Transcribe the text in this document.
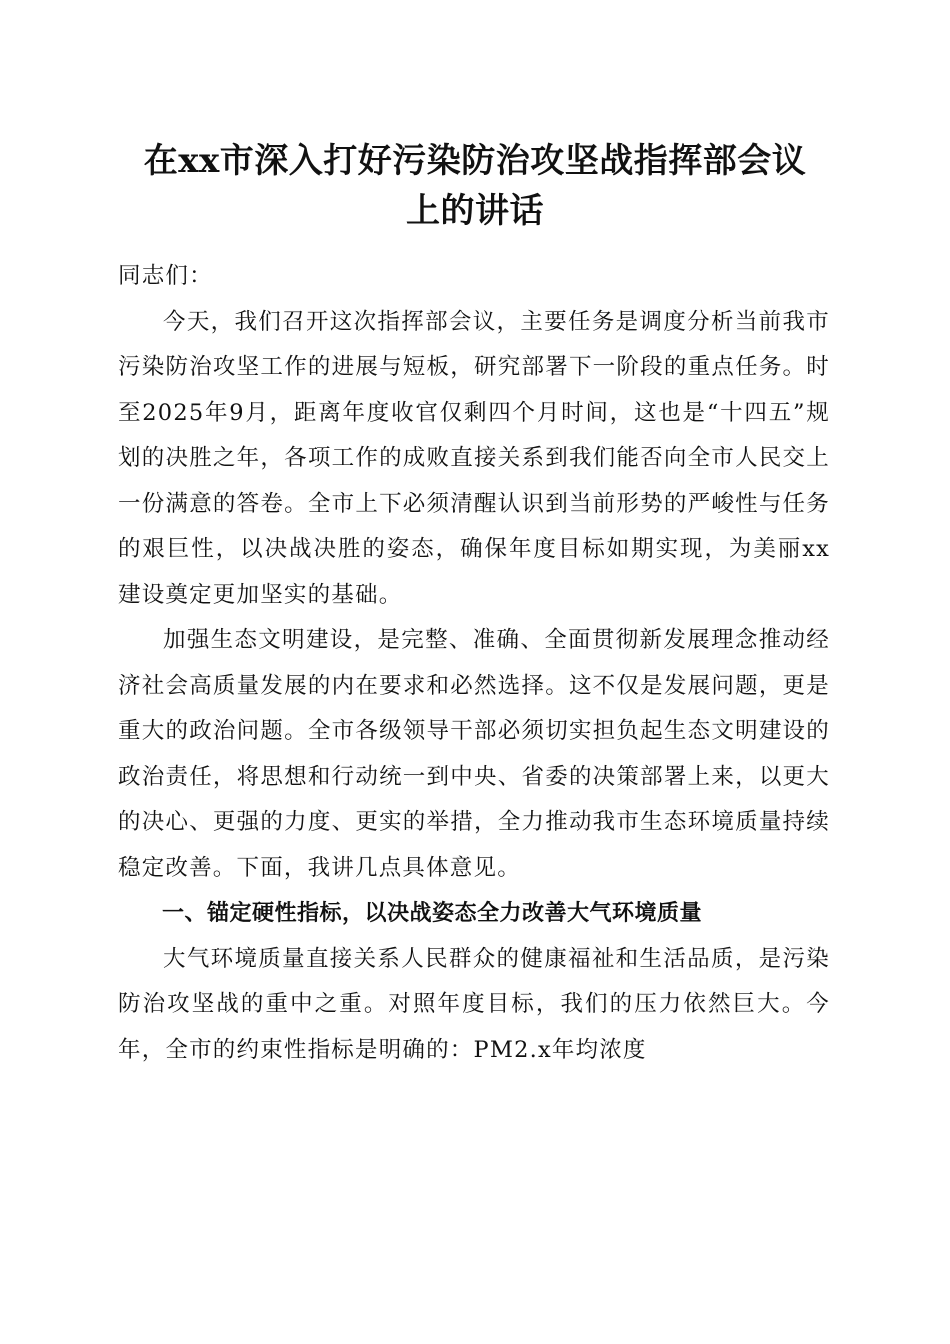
在xx市深入打好污染防治攻坚战指挥部会议
上的讲话

同志们：

今天，我们召开这次指挥部会议，主要任务是调度分析当前我市污染防治攻坚工作的进展与短板，研究部署下一阶段的重点任务。时至2025年9月，距离年度收官仅剩四个月时间，这也是“十四五”规划的决胜之年，各项工作的成败直接关系到我们能否向全市人民交上一份满意的答卷。全市上下必须清醒认识到当前形势的严峻性与任务的艰巨性，以决战决胜的姿态，确保年度目标如期实现，为美丽xx建设奠定更加坚实的基础。

加强生态文明建设，是完整、准确、全面贯彻新发展理念推动经济社会高质量发展的内在要求和必然选择。这不仅是发展问题，更是重大的政治问题。全市各级领导干部必须切实担负起生态文明建设的政治责任，将思想和行动统一到中央、省委的决策部署上来，以更大的决心、更强的力度、更实的举措，全力推动我市生态环境质量持续稳定改善。下面，我讲几点具体意见。

一、锚定硬性指标，以决战姿态全力改善大气环境质量

大气环境质量直接关系人民群众的健康福祉和生活品质，是污染防治攻坚战的重中之重。对照年度目标，我们的压力依然巨大。今年，全市的约束性指标是明确的：PM2.x年均浓度
